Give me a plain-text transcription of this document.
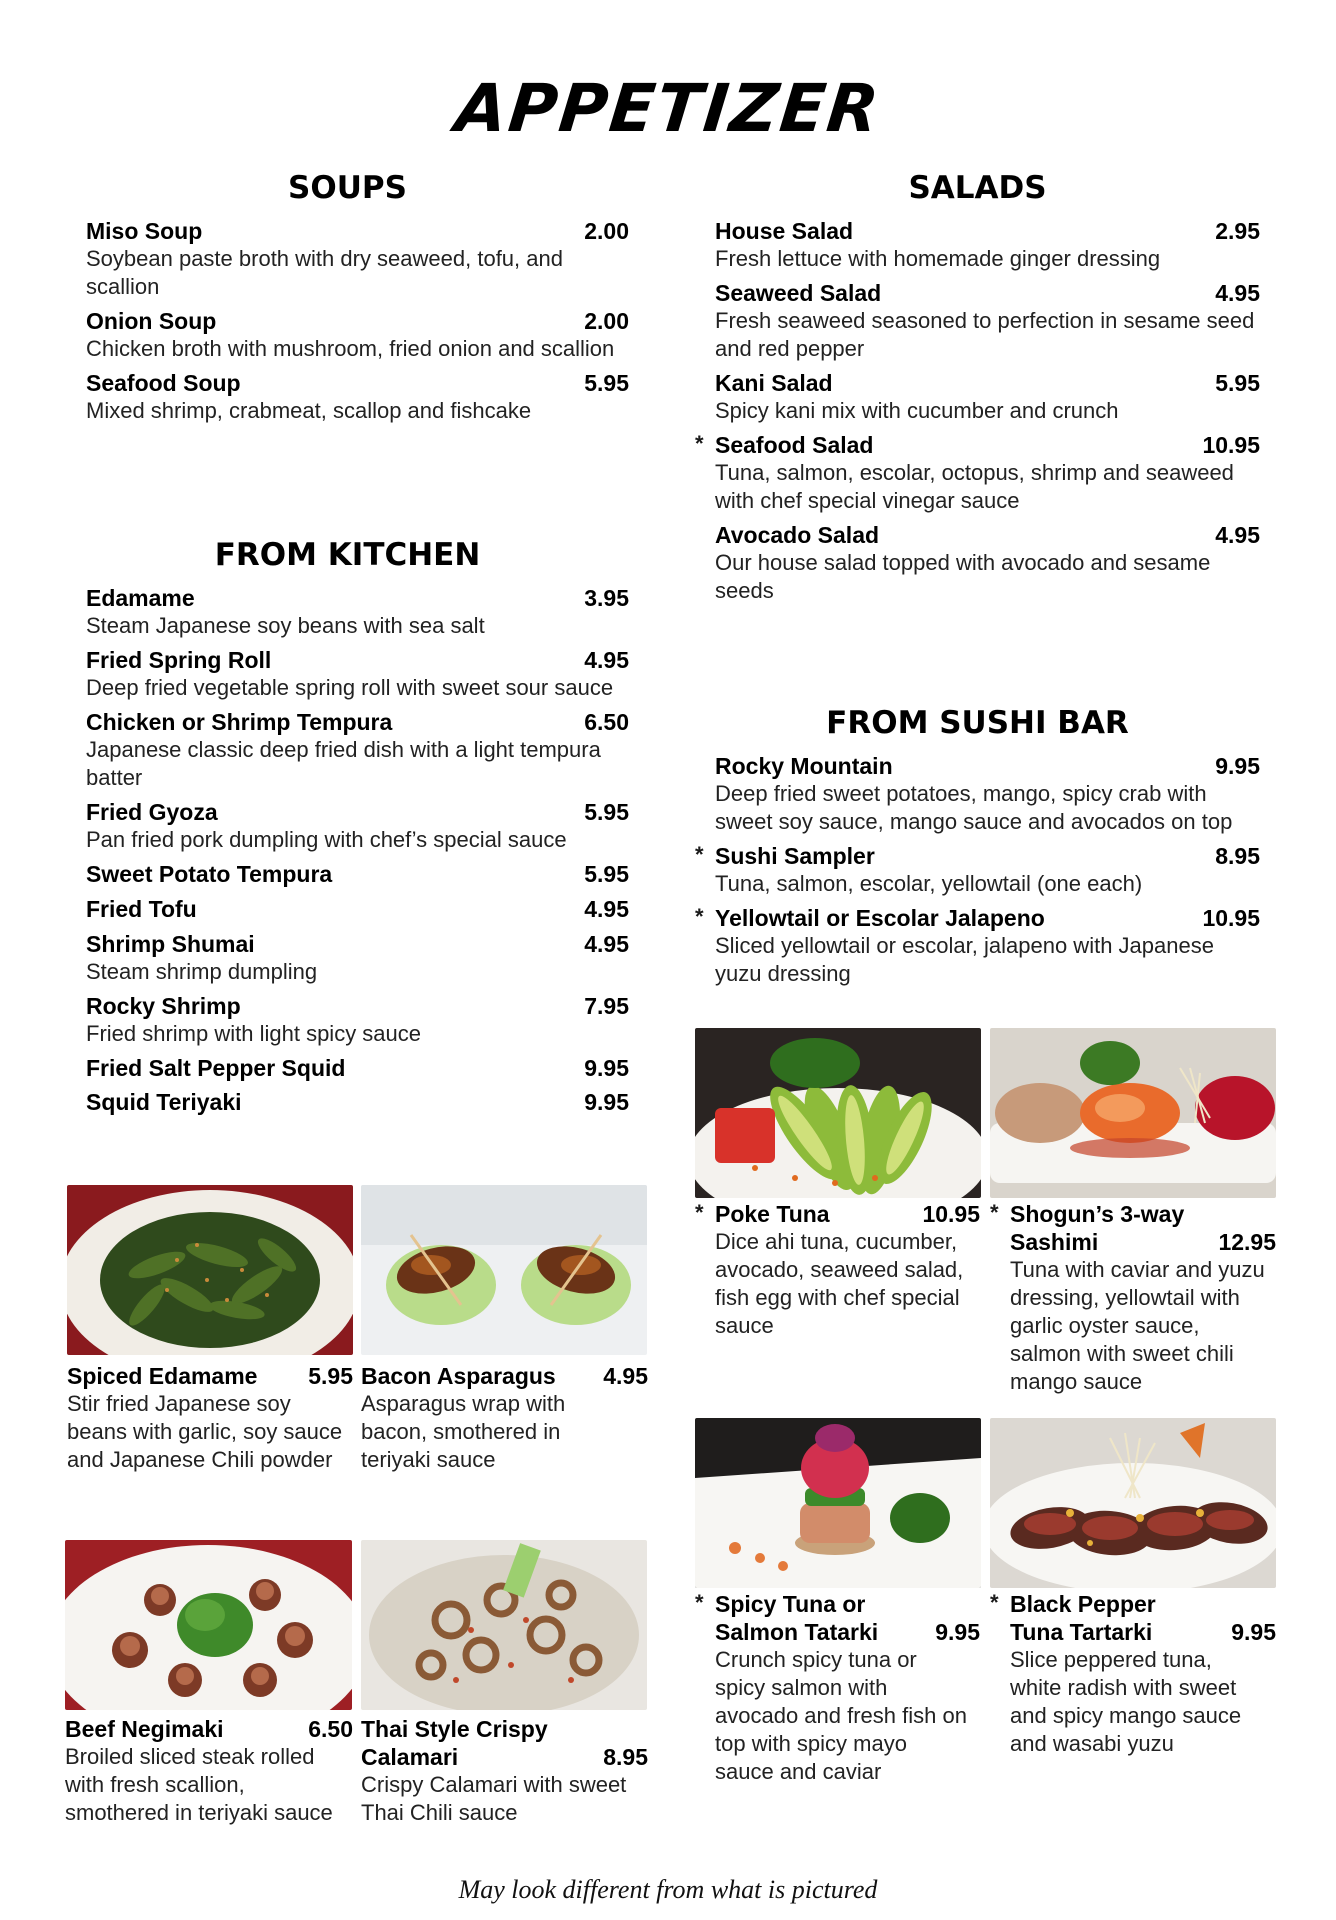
APPETIZER
SOUPS
Miso Soup	2.00
Soybean paste broth with dry seaweed, tofu, and scallion
Onion Soup	2.00
Chicken broth with mushroom, fried onion and scallion
Seafood Soup	5.95
Mixed shrimp, crabmeat, scallop and fishcake
FROM KITCHEN
Edamame	3.95
Steam Japanese soy beans with sea salt
Fried Spring Roll	4.95
Deep fried vegetable spring roll with sweet sour sauce
Chicken or Shrimp Tempura	6.50
Japanese classic deep fried dish with a light tempura batter
Fried Gyoza	5.95
Pan fried pork dumpling with chef’s special sauce
Sweet Potato Tempura	5.95
Fried Tofu	4.95
Shrimp Shumai	4.95
Steam shrimp dumpling
Rocky Shrimp	7.95
Fried shrimp with light spicy sauce
Fried Salt Pepper Squid	9.95
Squid Teriyaki	9.95
SALADS
House Salad	2.95
Fresh lettuce with homemade ginger dressing
Seaweed Salad	4.95
Fresh seaweed seasoned to perfection in sesame seed and red pepper
Kani Salad	5.95
Spicy kani mix with cucumber and crunch
* Seafood Salad	10.95
Tuna, salmon, escolar, octopus, shrimp and seaweed with chef special vinegar sauce
Avocado Salad	4.95
Our house salad topped with avocado and sesame seeds
FROM SUSHI BAR
Rocky Mountain	9.95
Deep fried sweet potatoes, mango, spicy crab with sweet soy sauce, mango sauce and avocados on top
* Sushi Sampler	8.95
Tuna, salmon, escolar, yellowtail (one each)
* Yellowtail or Escolar Jalapeno	10.95
Sliced yellowtail or escolar, jalapeno with Japanese yuzu dressing
Spiced Edamame 5.95
Stir fried Japanese soy beans with garlic, soy sauce and Japanese Chili powder
Bacon Asparagus 4.95
Asparagus wrap with bacon, smothered in teriyaki sauce
Beef Negimaki	6.50
Broiled sliced steak rolled with fresh scallion, smothered in teriyaki sauce
Thai Style Crispy
Calamari	8.95
Crispy Calamari with sweet Thai Chili sauce
* Poke Tuna	10.95
Dice ahi tuna, cucumber, avocado, seaweed salad, fish egg with chef special sauce
* Shogun’s 3-way
Sashimi	12.95
Tuna with caviar and yuzu dressing, yellowtail with garlic oyster sauce, salmon with sweet chili mango sauce
* Spicy Tuna or
Salmon Tatarki 9.95
Crunch spicy tuna or spicy salmon with avocado and fresh fish on top with spicy mayo sauce and caviar
* Black Pepper
Tuna Tartarki	9.95
Slice peppered tuna, white radish with sweet and spicy mango sauce and wasabi yuzu
May look different from what is pictured
